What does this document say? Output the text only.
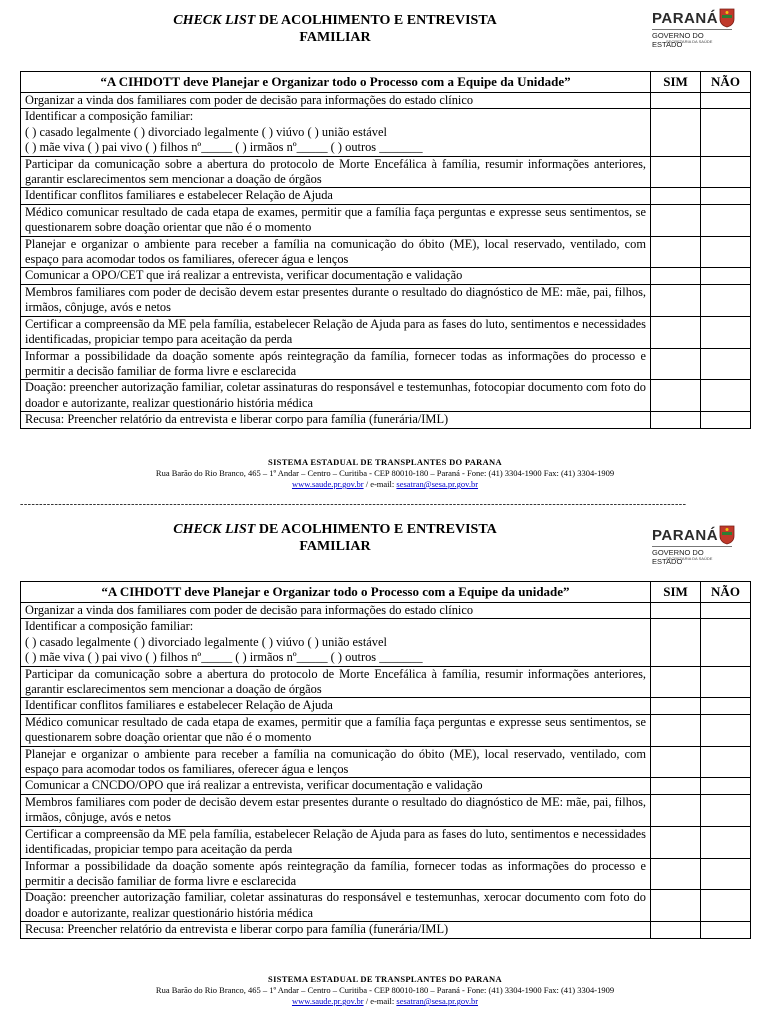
CHECK LIST DE ACOLHIMENTO E ENTREVISTA
FAMILIAR
PARANÁ
GOVERNO DO ESTADO
SECRETARIA DA SAÚDE
“A CIHDOTT deve Planejar e Organizar todo o Processo com a Equipe da Unidade”	SIM	NÃO

Organizar a vinda dos familiares com poder de decisão para informações do estado clínico		

Identificar a composição familiar:
( ) casado legalmente ( ) divorciado legalmente ( ) viúvo ( ) união estável
( ) mãe viva ( ) pai vivo ( ) filhos nº_____ ( ) irmãos nº_____ ( ) outros _______		

Participar da comunicação sobre a abertura do protocolo de Morte Encefálica à família, resumir informações anteriores, garantir esclarecimentos sem mencionar a doação de órgãos		

Identificar conflitos familiares e estabelecer Relação de Ajuda		

Médico comunicar resultado de cada etapa de exames, permitir que a família faça perguntas e expresse seus sentimentos, se questionarem sobre doação orientar que não é o momento		

Planejar e organizar o ambiente para receber a família na comunicação do óbito (ME), local reservado, ventilado, com espaço para acomodar todos os familiares, oferecer água e lenços		

Comunicar a OPO/CET que irá realizar a entrevista, verificar documentação e validação		

Membros familiares com poder de decisão devem estar presentes durante o resultado do diagnóstico de ME: mãe, pai, filhos, irmãos, cônjuge, avós e netos		

Certificar a compreensão da ME pela família, estabelecer Relação de Ajuda para as fases do luto, sentimentos e necessidades identificadas, propiciar tempo para aceitação da perda		

Informar a possibilidade da doação somente após reintegração da família, fornecer todas as informações do processo e permitir a decisão familiar de forma livre e esclarecida		

Doação: preencher autorização familiar, coletar assinaturas do responsável e testemunhas, fotocopiar documento com foto do doador e autorizante, realizar questionário história médica		

Recusa: Preencher relatório da entrevista e liberar corpo para família (funerária/IML)		

SISTEMA ESTADUAL DE TRANSPLANTES DO PARANA
Rua Barão do Rio Branco, 465 – 1º Andar – Centro – Curitiba - CEP 80010-180 – Paraná - Fone: (41) 3304-1900 Fax: (41) 3304-1909
www.saude.pr.gov.br / e-mail: sesatran@sesa.pr.gov.br
------------------------------------------------------------------------------------------------------------------------------------------------------------------------------
CHECK LIST DE ACOLHIMENTO E ENTREVISTA
FAMILIAR
PARANÁ
GOVERNO DO ESTADO
SECRETARIA DA SAÚDE
“A CIHDOTT deve Planejar e Organizar todo o Processo com a Equipe da unidade”	SIM	NÃO

Organizar a vinda dos familiares com poder de decisão para informações do estado clínico		

Identificar a composição familiar:
( ) casado legalmente ( ) divorciado legalmente ( ) viúvo ( ) união estável
( ) mãe viva ( ) pai vivo ( ) filhos nº_____ ( ) irmãos nº_____ ( ) outros _______		

Participar da comunicação sobre a abertura do protocolo de Morte Encefálica à família, resumir informações anteriores, garantir esclarecimentos sem mencionar a doação de órgãos		

Identificar conflitos familiares e estabelecer Relação de Ajuda		

Médico comunicar resultado de cada etapa de exames, permitir que a família faça perguntas e expresse seus sentimentos, se questionarem sobre doação orientar que não é o momento		

Planejar e organizar o ambiente para receber a família na comunicação do óbito (ME), local reservado, ventilado, com espaço para acomodar todos os familiares, oferecer água e lenços		

Comunicar a CNCDO/OPO que irá realizar a entrevista, verificar documentação e validação		

Membros familiares com poder de decisão devem estar presentes durante o resultado do diagnóstico de ME: mãe, pai, filhos, irmãos, cônjuge, avós e netos		

Certificar a compreensão da ME pela família, estabelecer Relação de Ajuda para as fases do luto, sentimentos e necessidades identificadas, propiciar tempo para aceitação da perda		

Informar a possibilidade da doação somente após reintegração da família, fornecer todas as informações do processo e permitir a decisão familiar de forma livre e esclarecida		

Doação: preencher autorização familiar, coletar assinaturas do responsável e testemunhas, xerocar documento com foto do doador e autorizante, realizar questionário história médica		

Recusa: Preencher relatório da entrevista e liberar corpo para família (funerária/IML)		

SISTEMA ESTADUAL DE TRANSPLANTES DO PARANA
Rua Barão do Rio Branco, 465 – 1º Andar – Centro – Curitiba - CEP 80010-180 – Paraná - Fone: (41) 3304-1900 Fax: (41) 3304-1909
www.saude.pr.gov.br / e-mail: sesatran@sesa.pr.gov.br
